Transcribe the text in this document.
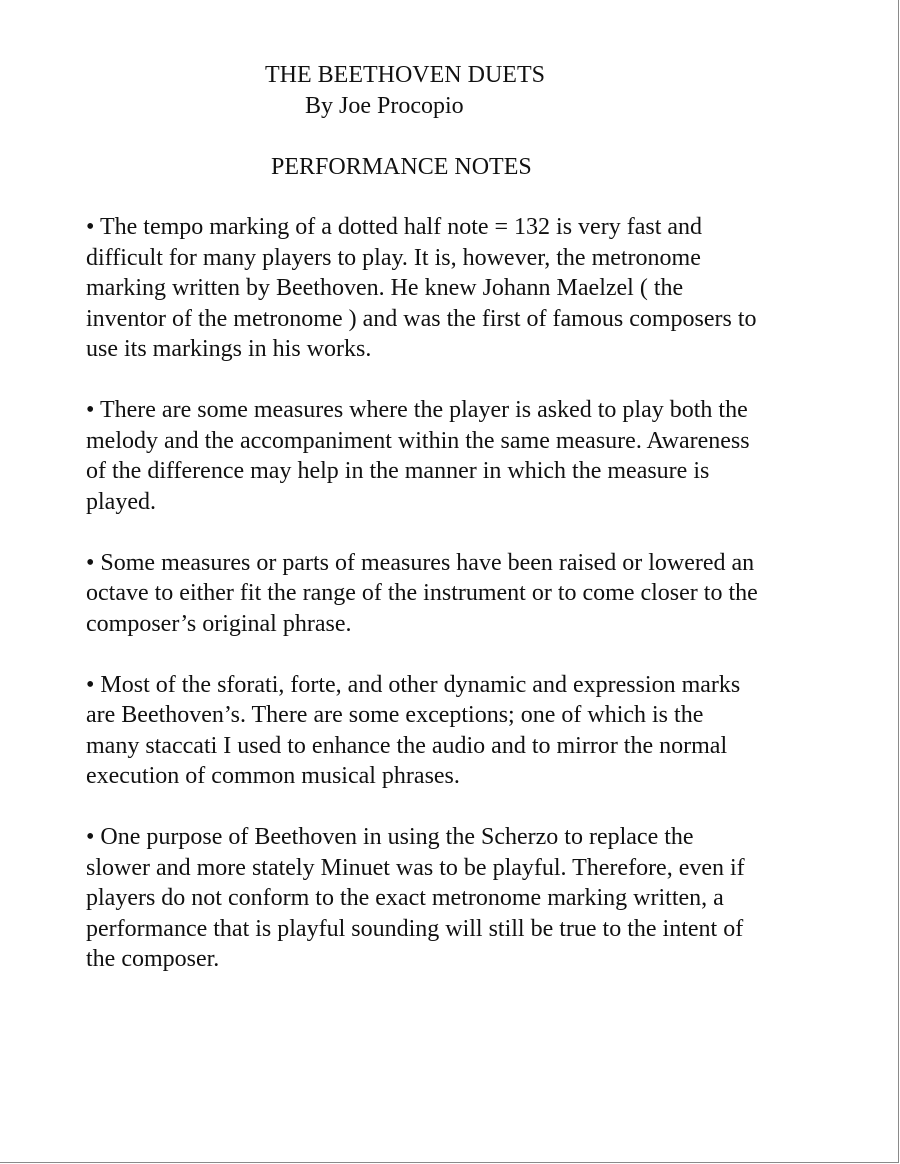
THE BEETHOVEN DUETS
By Joe Procopio
PERFORMANCE NOTES

• The tempo marking of a dotted half note = 132 is very fast and
difficult for many players to play. It is, however, the metronome
marking written by Beethoven. He knew Johann Maelzel ( the
inventor of the metronome ) and was the first of famous composers to
use its markings in his works.

• There are some measures where the player is asked to play both the
melody and the accompaniment within the same measure. Awareness
of the difference may help in the manner in which the measure is
played.

• Some measures or parts of measures have been raised or lowered an
octave to either fit the range of the instrument or to come closer to the
composer’s original phrase.

• Most of the sforati, forte, and other dynamic and expression marks
are Beethoven’s. There are some exceptions; one of which is the
many staccati I used to enhance the audio and to mirror the normal
execution of common musical phrases.

• One purpose of Beethoven in using the Scherzo to replace the
slower and more stately Minuet was to be playful. Therefore, even if
players do not conform to the exact metronome marking written, a
performance that is playful sounding will still be true to the intent of
the composer.
